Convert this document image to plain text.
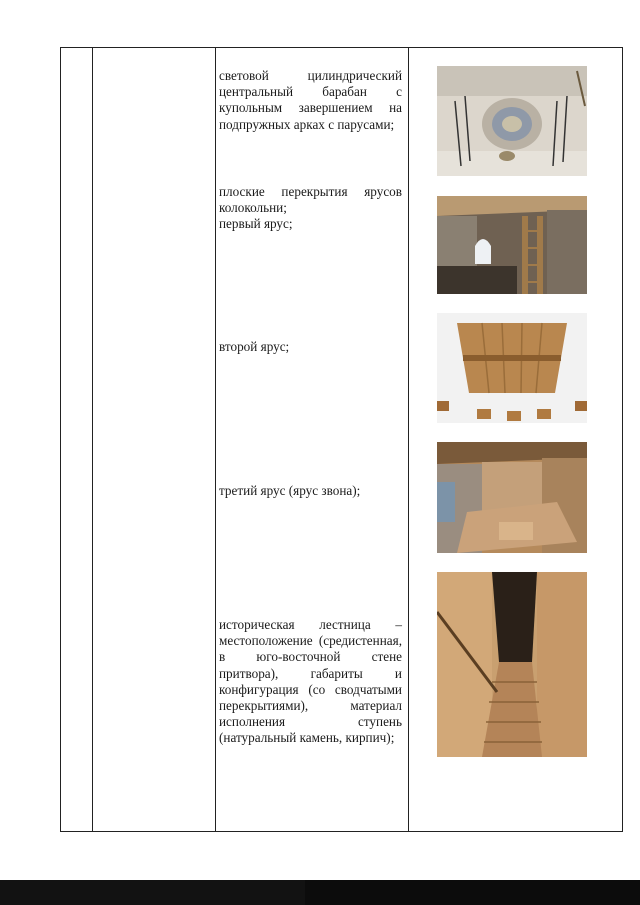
световой цилиндрический центральный барабан с купольным завершением на подпружных арках с парусами;
плоские перекрытия ярусов колокольни;
первый ярус;
второй ярус;
третий ярус (ярус звона);
историческая лестница – местоположение (средистенная, в юго-восточной стене притвора), габариты и конфигурация (со сводчатыми перекрытиями), материал исполнения ступень (натуральный камень, кирпич);
